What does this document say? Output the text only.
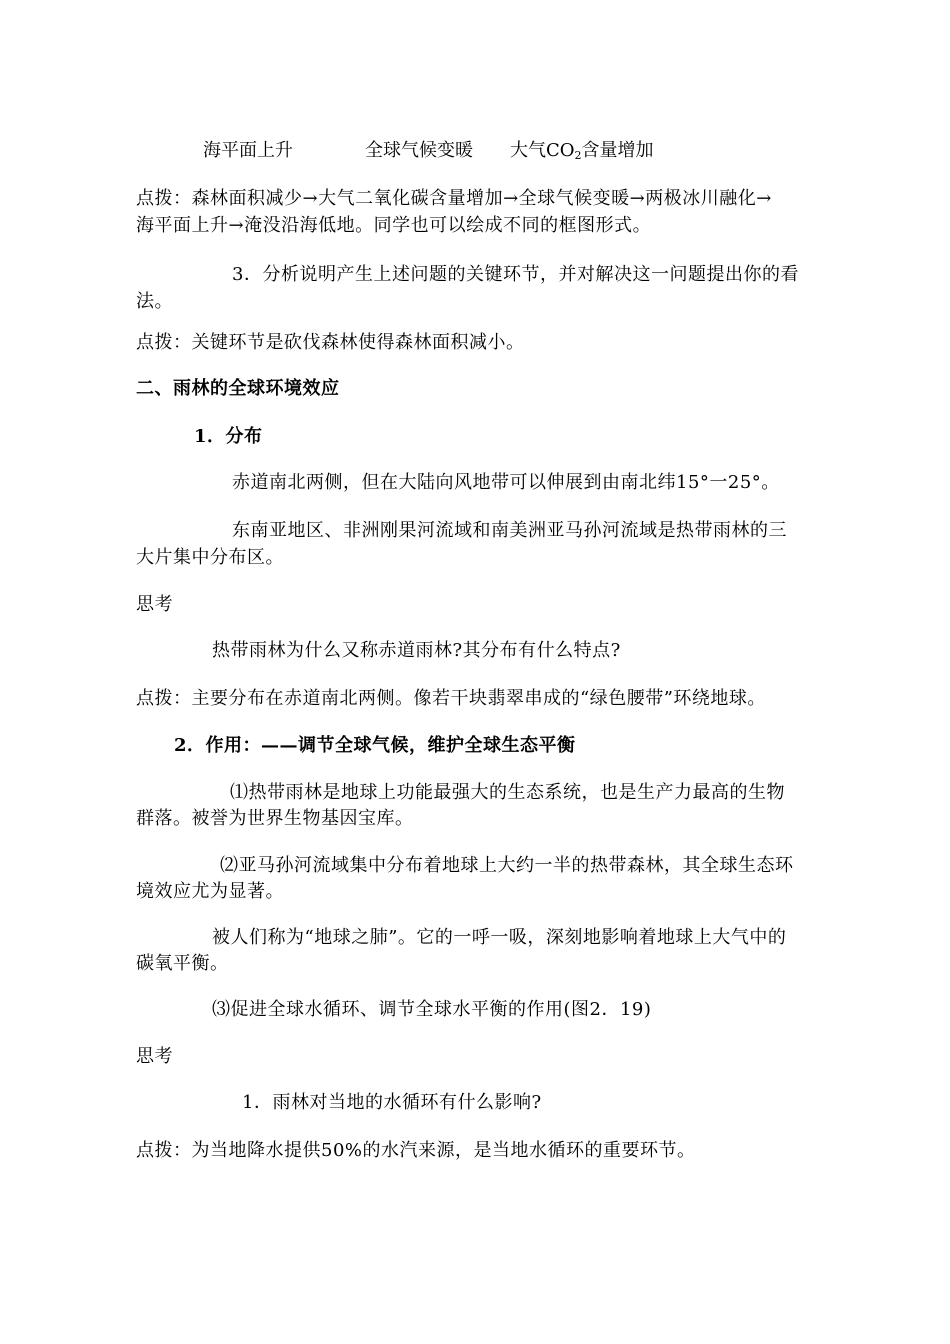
海平面上升	全球气候变暖 大气$CO_2$含量增加
点拨：森林面积减少→大气二氧化碳含量增加→全球气候变暖→两极冰川融化→
海平面上升→淹没沿海低地。同学也可以绘成不同的框图形式。
3．分析说明产生上述问题的关键环节，并对解决这一问题提出你的看
法。
点拨：关键环节是砍伐森林使得森林面积减小。
二、雨林的全球环境效应
1．分布
赤道南北两侧，但在大陆向风地带可以伸展到由南北纬15°一25°。
东南亚地区、非洲刚果河流域和南美洲亚马孙河流域是热带雨林的三
大片集中分布区。
思考
热带雨林为什么又称赤道雨林?其分布有什么特点?
点拨：主要分布在赤道南北两侧。像若干块翡翠串成的“绿色腰带”环绕地球。
2．作用：——调节全球气候，维护全球生态平衡
⑴热带雨林是地球上功能最强大的生态系统，也是生产力最高的生物
群落。被誉为世界生物基因宝库。
⑵亚马孙河流域集中分布着地球上大约一半的热带森林，其全球生态环
境效应尤为显著。
被人们称为“地球之肺”。它的一呼一吸，深刻地影响着地球上大气中的
碳氧平衡。
⑶促进全球水循环、调节全球水平衡的作用(图2．19)
思考
1．雨林对当地的水循环有什么影响?
点拨：为当地降水提供50%的水汽来源，是当地水循环的重要环节。
